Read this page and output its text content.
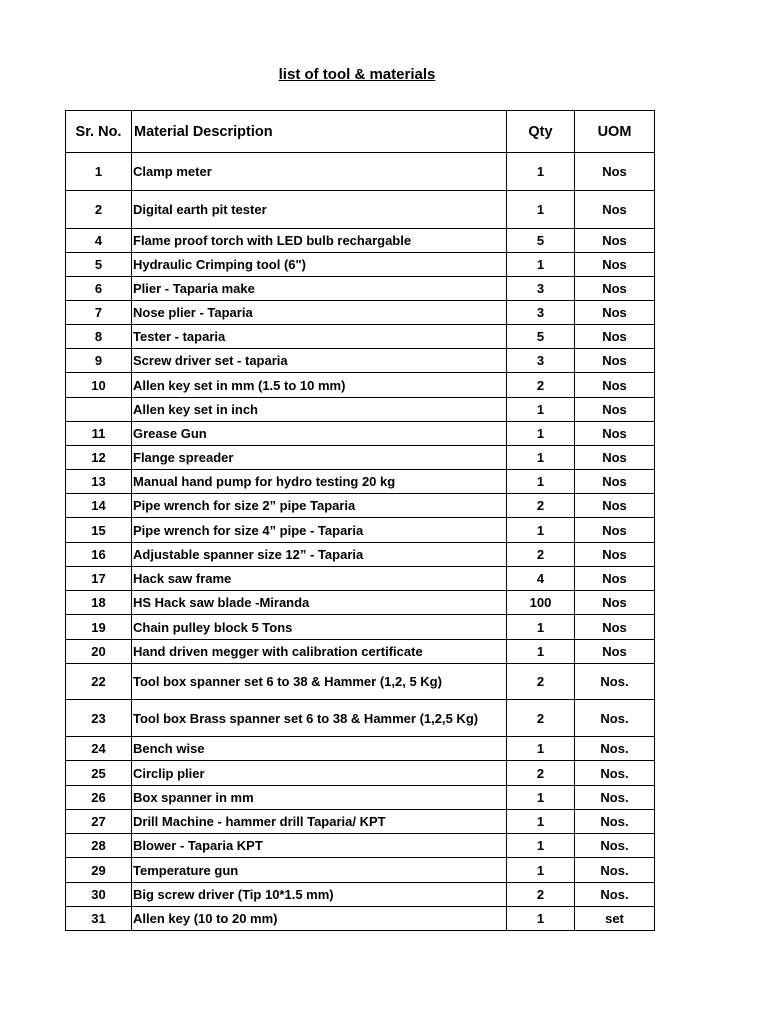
list of tool & materials
Sr. No.	Material Description	Qty	UOM
1	Clamp meter	1	Nos
2	Digital earth pit tester	1	Nos
4	Flame proof torch with LED bulb rechargable	5	Nos
5	Hydraulic Crimping tool (6")	1	Nos
6	Plier - Taparia make	3	Nos
7	Nose plier - Taparia	3	Nos
8	Tester - taparia	5	Nos
9	Screw driver set - taparia	3	Nos
10	Allen key set in mm (1.5 to 10 mm)	2	Nos
	Allen key set in inch	1	Nos
11	Grease Gun	1	Nos
12	Flange spreader	1	Nos
13	Manual hand pump for hydro testing 20 kg	1	Nos
14	Pipe wrench for size 2” pipe Taparia	2	Nos
15	Pipe wrench for size 4” pipe - Taparia	1	Nos
16	Adjustable spanner size 12” - Taparia	2	Nos
17	Hack saw frame	4	Nos
18	HS Hack saw blade -Miranda	100	Nos
19	Chain pulley block 5 Tons	1	Nos
20	Hand driven megger with calibration certificate	1	Nos
22	Tool box spanner set 6 to 38 & Hammer (1,2, 5 Kg)	2	Nos.
23	Tool box Brass spanner set 6 to 38 & Hammer (1,2,5 Kg)	2	Nos.
24	Bench wise	1	Nos.
25	Circlip plier	2	Nos.
26	Box spanner in mm	1	Nos.
27	Drill Machine - hammer drill Taparia/ KPT	1	Nos.
28	Blower - Taparia KPT	1	Nos.
29	Temperature gun	1	Nos.
30	Big screw driver (Tip 10*1.5 mm)	2	Nos.
31	Allen key (10 to 20 mm)	1	set
